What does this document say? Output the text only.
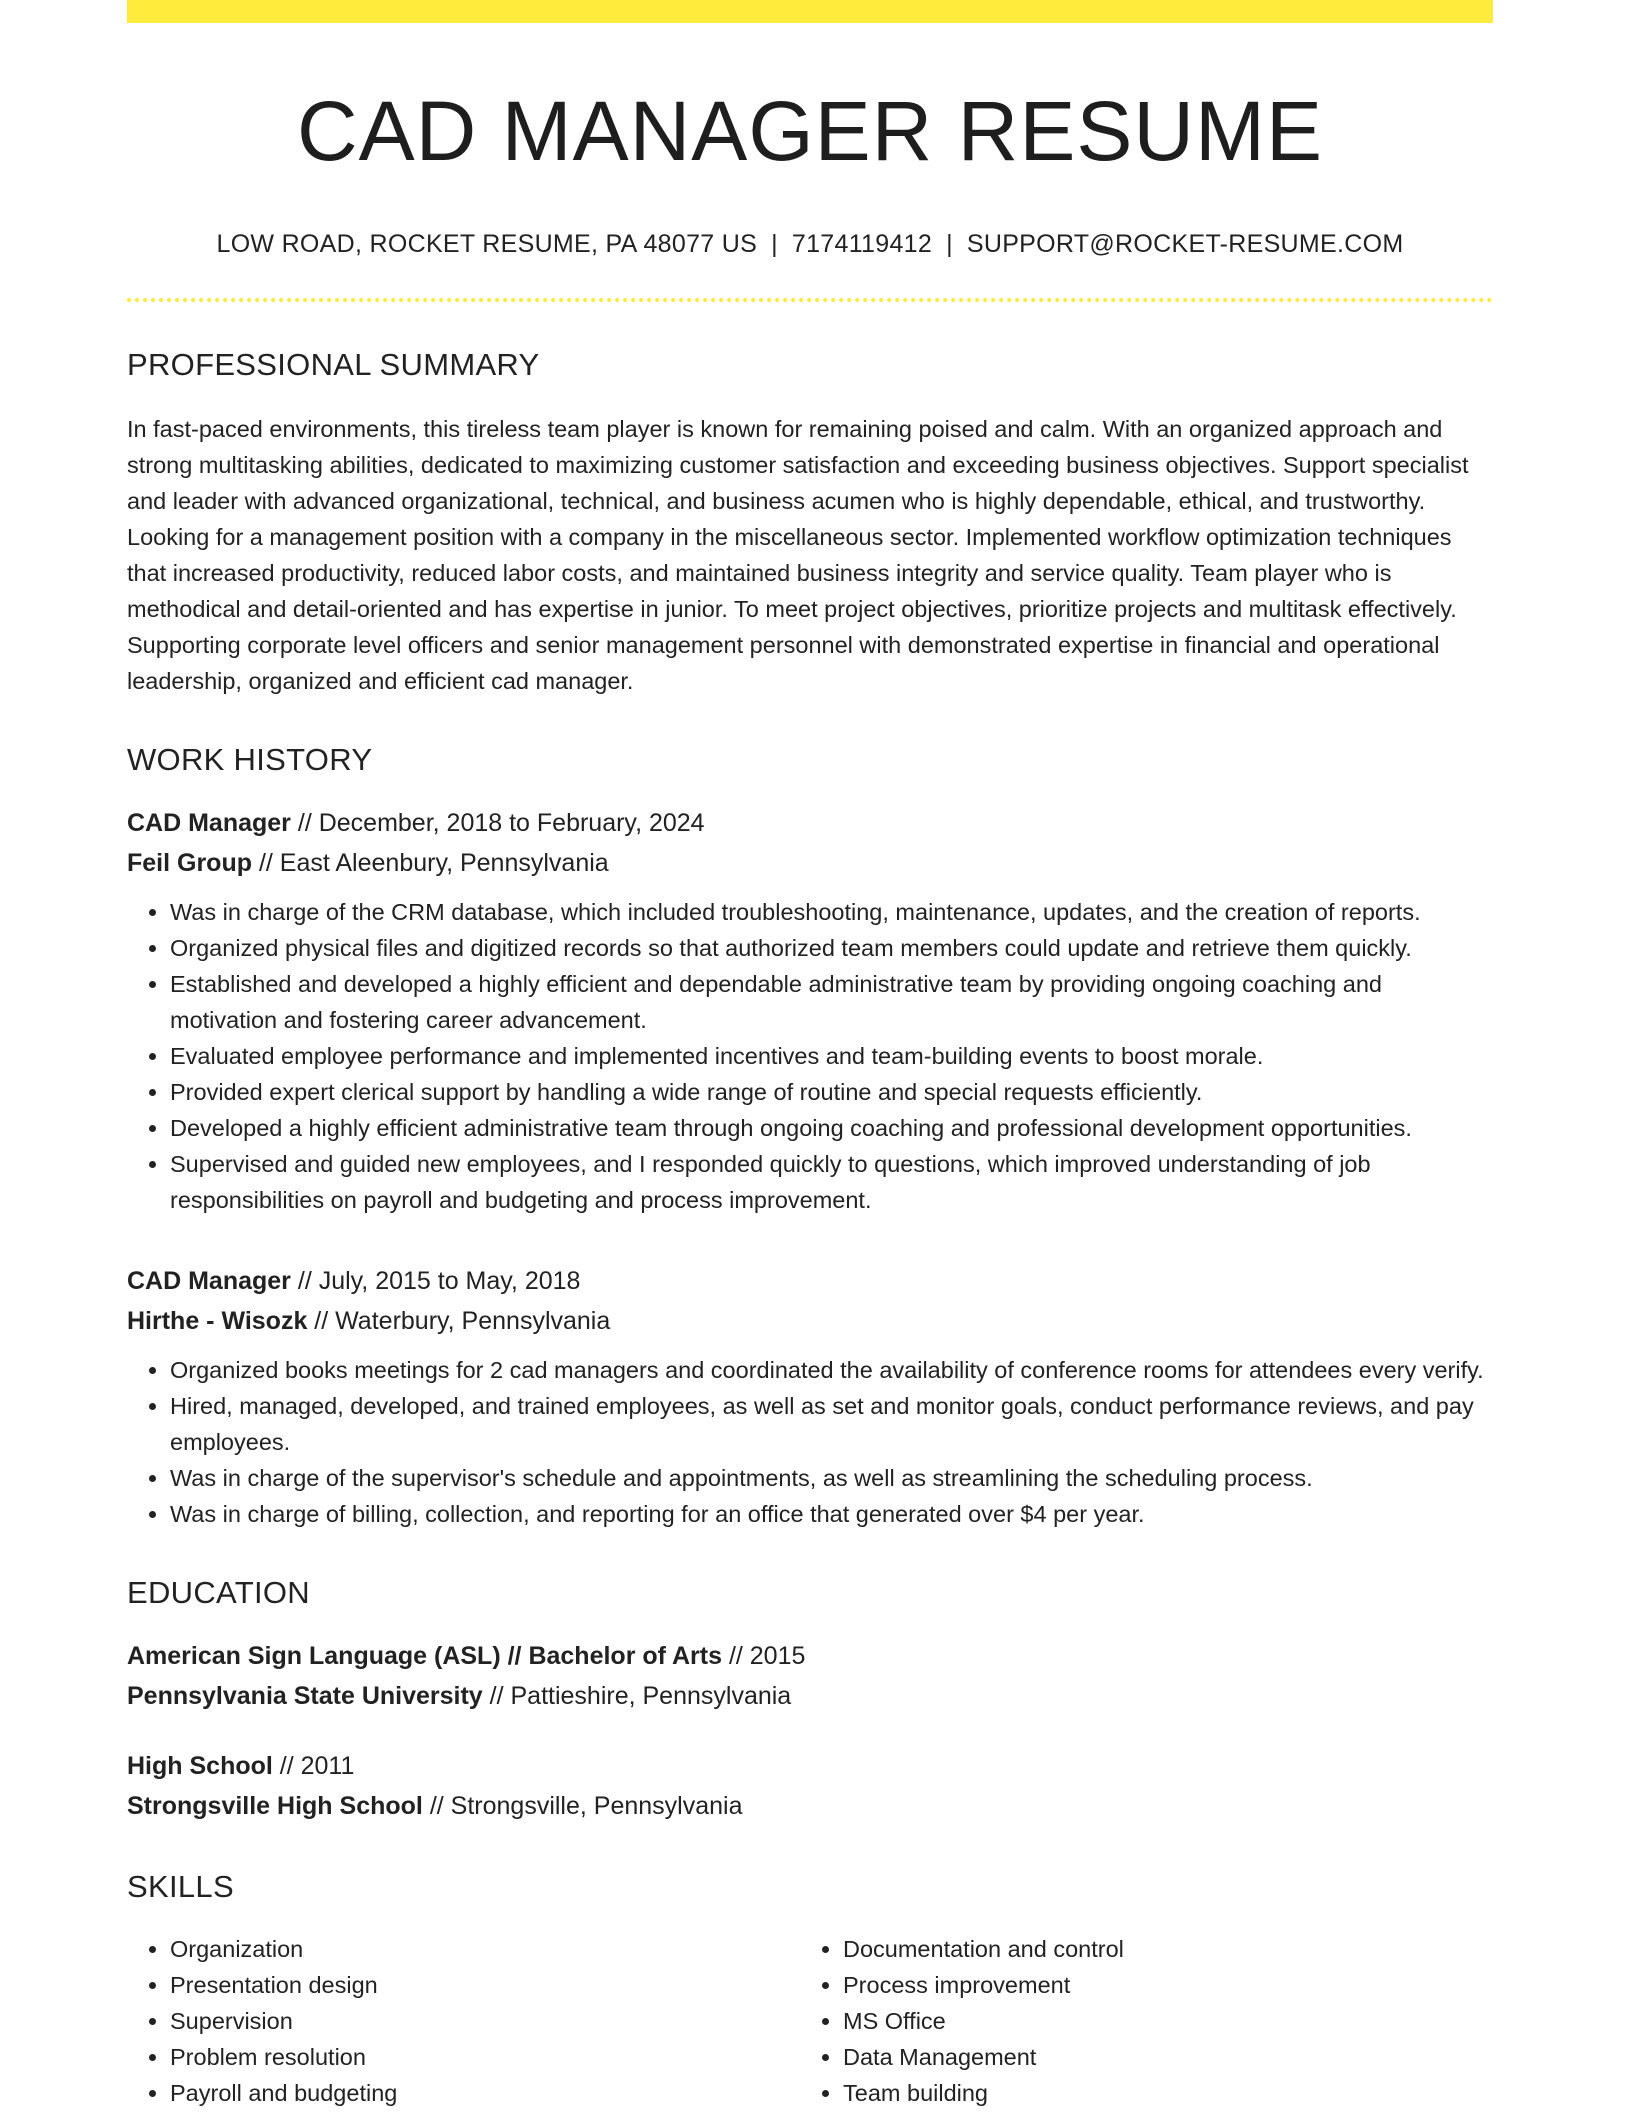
CAD MANAGER RESUME
LOW ROAD, ROCKET RESUME, PA 48077 US | 7174119412 | SUPPORT@ROCKET-RESUME.COM
PROFESSIONAL SUMMARY
In fast-paced environments, this tireless team player is known for remaining poised and calm. With an organized approach and strong multitasking abilities, dedicated to maximizing customer satisfaction and exceeding business objectives. Support specialist and leader with advanced organizational, technical, and business acumen who is highly dependable, ethical, and trustworthy. Looking for a management position with a company in the miscellaneous sector. Implemented workflow optimization techniques that increased productivity, reduced labor costs, and maintained business integrity and service quality. Team player who is methodical and detail-oriented and has expertise in junior. To meet project objectives, prioritize projects and multitask effectively. Supporting corporate level officers and senior management personnel with demonstrated expertise in financial and operational leadership, organized and efficient cad manager.
WORK HISTORY
CAD Manager // December, 2018 to February, 2024
Feil Group // East Aleenbury, Pennsylvania
• Was in charge of the CRM database, which included troubleshooting, maintenance, updates, and the creation of reports.
• Organized physical files and digitized records so that authorized team members could update and retrieve them quickly.
• Established and developed a highly efficient and dependable administrative team by providing ongoing coaching and motivation and fostering career advancement.
• Evaluated employee performance and implemented incentives and team-building events to boost morale.
• Provided expert clerical support by handling a wide range of routine and special requests efficiently.
• Developed a highly efficient administrative team through ongoing coaching and professional development opportunities.
• Supervised and guided new employees, and I responded quickly to questions, which improved understanding of job responsibilities on payroll and budgeting and process improvement.
CAD Manager // July, 2015 to May, 2018
Hirthe - Wisozk // Waterbury, Pennsylvania
• Organized books meetings for 2 cad managers and coordinated the availability of conference rooms for attendees every verify.
• Hired, managed, developed, and trained employees, as well as set and monitor goals, conduct performance reviews, and pay employees.
• Was in charge of the supervisor's schedule and appointments, as well as streamlining the scheduling process.
• Was in charge of billing, collection, and reporting for an office that generated over $4 per year.
EDUCATION
American Sign Language (ASL) // Bachelor of Arts // 2015
Pennsylvania State University // Pattieshire, Pennsylvania
High School // 2011
Strongsville High School // Strongsville, Pennsylvania
SKILLS
• Organization
• Presentation design
• Supervision
• Problem resolution
• Payroll and budgeting
• Documentation and control
• Process improvement
• MS Office
• Data Management
• Team building
